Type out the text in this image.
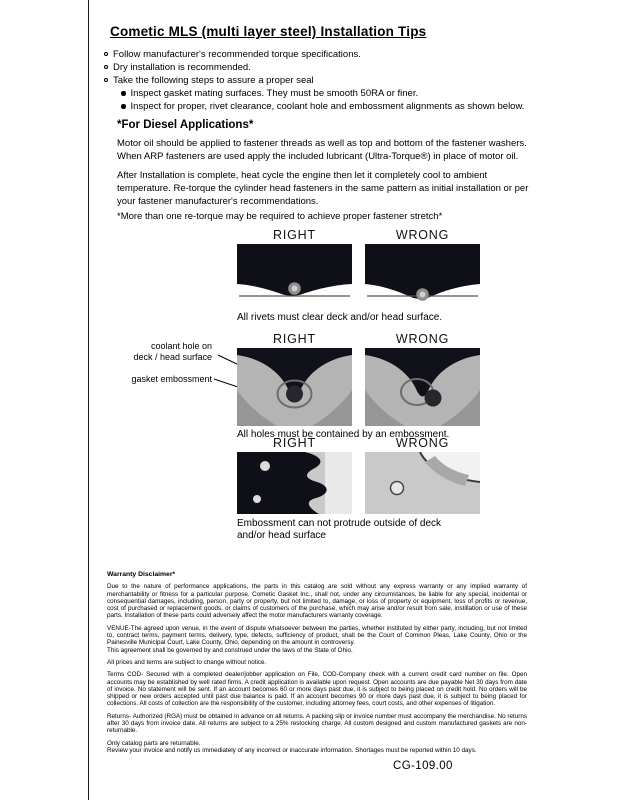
Cometic MLS (multi layer steel) Installation Tips
Follow manufacturer's recommended torque specifications.
Dry installation is recommended.
Take the following steps to assure a proper seal
Inspect gasket mating surfaces. They must be smooth 50RA or finer.
Inspect for proper, rivet clearance, coolant hole and embossment alignments as shown below.
*For Diesel Applications*

Motor oil should be applied to fastener threads as well as top and bottom of the fastener washers. When ARP fasteners are used apply the included lubricant (Ultra-Torque®) in place of motor oil.

After Installation is complete, heat cycle the engine then let it completely cool to ambient temperature. Re-torque the cylinder head fasteners in the same pattern as initial installation or per your fastener manufacturer's recommendations.

*More than one re-torque may be required to achieve proper fastener stretch*

RIGHT	WRONG
All rivets must clear deck and/or head surface.
RIGHT	WRONG
coolant hole on
deck / head surface
gasket embossment
All holes must be contained by an embossment.
RIGHT	WRONG
Embossment can not protrude outside of deck
and/or head surface
Warranty Disclaimer*

Due to the nature of performance applications, the parts in this catalog are sold without any express warranty or any implied warranty of merchantability or fitness for a particular purpose. Cometic Gasket Inc., shall not, under any circumstances, be liable for any special, incidental or consequential damages, including, person, party or property, but not limited to, damage, or loss of property or equipment, loss of profits or revenue, cost of purchased or replacement goods, or claims of customers of the purchase, which may arise and/or result from sale, instillation or use of these parts. Installation of these parts could adversely affect the motor manufacturers warranty coverage.

VENUE-The agreed upon venue, in the event of dispute whatsoever between the parties, whether instituted by either party, including, but not limited to, contract terms, payment terms, delivery, type, defects, sufficiency of product, shall be the Court of Common Pleas, Lake County, Ohio or the Painesville Municipal Court, Lake County, Ohio, depending on the amount in controversy.

This agreement shall be governed by and construed under the laws of the State of Ohio.

All prices and terms are subject to change without notice.

Terms COD- Secured with a completed dealer/jobber application on File, COD-Company check with a current credit card number on file. Open accounts may be established by well rated firms. A credit application is available upon request. Open accounts are due payable Net 30 days from date of invoice. No statement will be sent. If an account becomes 60 or more days past due, it is subject to being placed on credit hold. No orders will be shipped or new orders accepted until past due balance is paid. If an account becomes 90 or more days past due, it is subject to being placed for collections. All costs of collection are the responsibility of the customer, including attorney fees, court costs, and other expenses of litigation.

Returns- Authorized (RGA) must be obtained in advance on all returns. A packing slip or invoice number must accompany the merchandise. No returns after 30 days from invoice date. All returns are subject to a 25% restocking charge. All custom designed and custom manufactured gaskets are non-returnable.

Only catalog parts are returnable.

Review your invoice and notify us immediately of any incorrect or inaccurate information. Shortages must be reported within 10 days.

CG-109.00
